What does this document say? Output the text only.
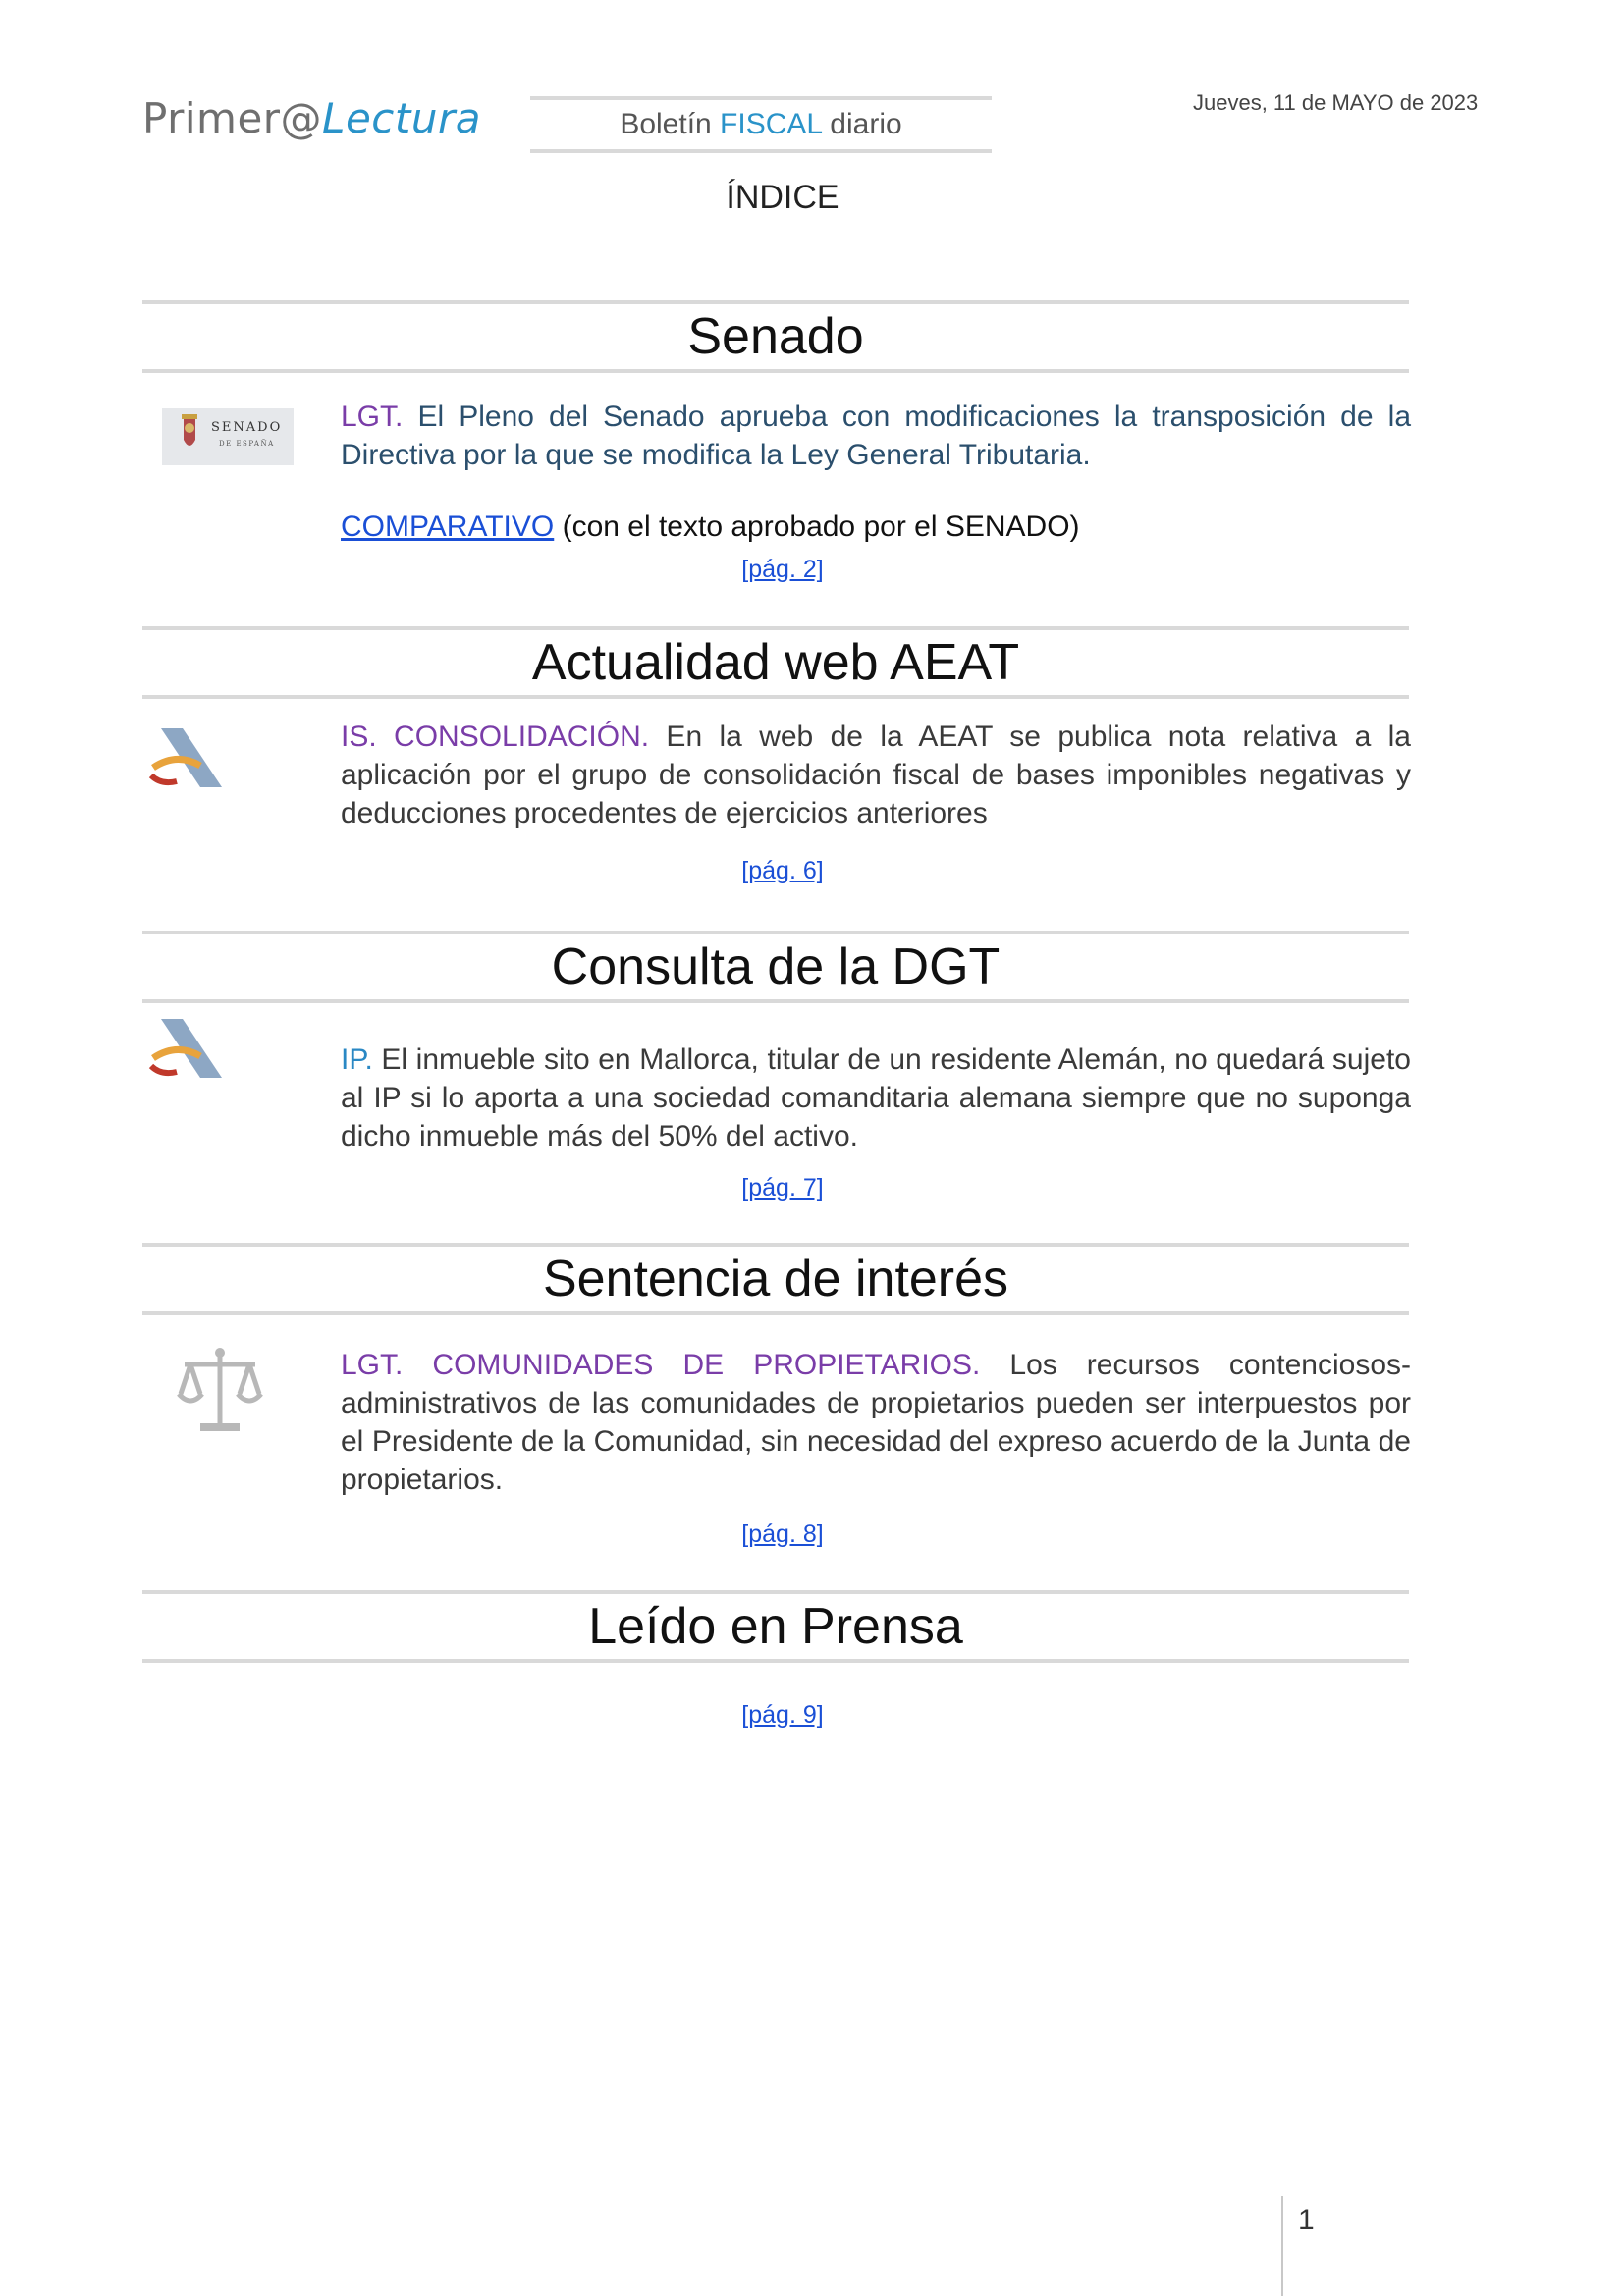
Primer@Lectura	Boletín FISCAL diario
Jueves, 11 de MAYO de 2023
ÍNDICE
Senado
SENADO
DE ESPAÑA
LGT. El Pleno del Senado aprueba con modificaciones la transposición de la Directiva por la que se modifica la Ley General Tributaria.
COMPARATIVO (con el texto aprobado por el SENADO)
[pág. 2]
Actualidad web AEAT
IS. CONSOLIDACIÓN. En la web de la AEAT se publica nota relativa a la aplicación por el grupo de consolidación fiscal de bases imponibles negativas y deducciones procedentes de ejercicios anteriores
[pág. 6]
Consulta de la DGT
IP. El inmueble sito en Mallorca, titular de un residente Alemán, no quedará sujeto al IP si lo aporta a una sociedad comanditaria alemana siempre que no suponga dicho inmueble más del 50% del activo.
[pág. 7]
Sentencia de interés
LGT. COMUNIDADES DE PROPIETARIOS. Los recursos contenciosos-administrativos de las comunidades de propietarios pueden ser interpuestos por el Presidente de la Comunidad, sin necesidad del expreso acuerdo de la Junta de propietarios.
[pág. 8]
Leído en Prensa
[pág. 9]
1
